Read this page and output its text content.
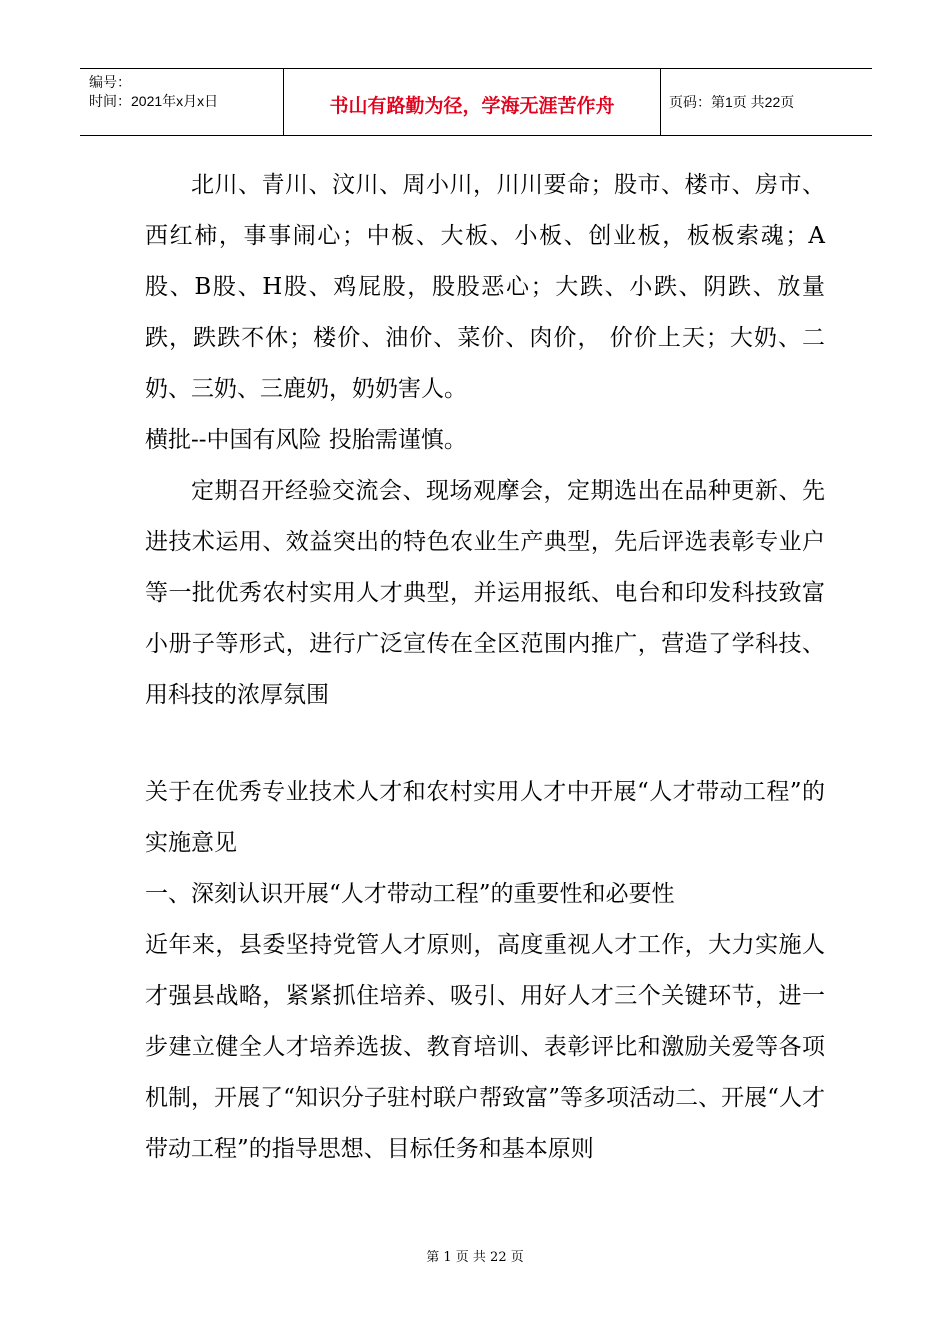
编号：
时间：2021年x月x日	书山有路勤为径，学海无涯苦作舟	页码：第1页 共22页

北川、青川、汶川、周小川，川川要命；股市、楼市、房市、西红柿，事事闹心；中板、大板、小板、创业板，板板索魂；A股、B股、H股、鸡屁股，股股恶心；大跌、小跌、阴跌、放量跌，跌跌不休；楼价、油价、菜价、肉价， 价价上天；大奶、二奶、三奶、三鹿奶，奶奶害人。

横批--中国有风险 投胎需谨慎。

定期召开经验交流会、现场观摩会，定期选出在品种更新、先进技术运用、效益突出的特色农业生产典型，先后评选表彰专业户等一批优秀农村实用人才典型，并运用报纸、电台和印发科技致富小册子等形式，进行广泛宣传在全区范围内推广，营造了学科技、用科技的浓厚氛围

关于在优秀专业技术人才和农村实用人才中开展“人才带动工程”的实施意见

一、深刻认识开展“人才带动工程”的重要性和必要性

近年来，县委坚持党管人才原则，高度重视人才工作，大力实施人才强县战略，紧紧抓住培养、吸引、用好人才三个关键环节，进一步建立健全人才培养选拔、教育培训、表彰评比和激励关爱等各项机制，开展了“知识分子驻村联户帮致富”等多项活动二、开展“人才带动工程”的指导思想、目标任务和基本原则

第 1 页 共 22 页
